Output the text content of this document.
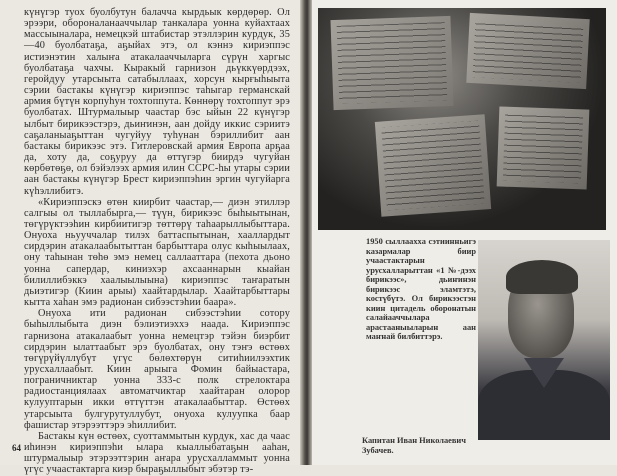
күнүгэр туох буолбутун балачча кырдьык көрдөрөр. Ол эрээри, обороналанааччылар танкалара уонна куйахтаах массыыналара, немецкэй штабистар этэллэрин курдук, 35—40 буолбатаҕа, аҕыйах этэ, ол кэннэ кириэппэс истиэнэтин халыҥа атакалааччыларга сүрүн харгыс буолбатаҕа чахчы. Кыракый гарнизон дьүккүөрдээх, геройдуу утарсыыта сатабыллаах, хорсун кырғыһыыта сэрии бастакы күнүгэр кириэппэс таһыгар германскай армия бүтүн корпуһун тохтоппута. Көннөрү тохтоппут эрэ буолбатах. Штурмалыыр чаастар бэс ыйын 22 күнүгэр ылбыт бирикээстэрэ, дьиҥинэн, аан дойду иккис сэриитэ саҕаланыаҕыттан чугуйуу туһунан бэриллибит аан бастакы бирикээс этэ. Гитлеровскай армия Европа арҕаа да, хоту да, соҕуруу да өттүгэр биирдэ чугуйан көрбөтөҕө, ол бэйэлээх армия илин ССРС-һы утары сэрии аан бастакы күнүгэр Брест кириэппэһин эргин чугуйарга күһэллибитэ.

«Кириэппэскэ өтөн киирбит чаастар,— диэн этиллэр салгыы ол тыллабырга,— түүн, бирикээс быһыытынан, төгүрүктээһин кирбиитигэр төттөрү таһаарыллыбыттара. Онуоха ньууччалар тилэх баттаспытынан, хааллардыт сирдэрин атакалаабытыттан барбыттара олус кыһыылаах, ону таһынан төһө эмэ немец саллааттара (пехота дьоно уонна сапердар, киниэхэр ахсааннарын кыайан билиллибэккэ хаалыылыына) кириэппэс таҥаратын дьиэтигэр (Киин арыы) хаайтардылар. Хаайтарбыттары кытта хаһан эмэ радионан сибээстэһии баара».

Онуоха ити радионан сибээстэһии сотору быһыллыбыта диэн бэлиэтиэххэ наада. Кириэппэс гарнизона атакалаабыт уонна немецтэр тэйэн биэрбит сирдэрин ылаттаабыт эрэ буолбатах, ону тэҥэ өстөөх төгүрүйүллүбүт үгүс бөлөхтөрүн ситиһиилээхтик урусхаллаабыт. Киин арыыга Фомин байыастара, пограничниктар уонна 333-с полк стрелоктара радиостанциялаах автоматчиктар хаайтаран олорор кулууптарын икки өттүттэн атакалаабыттар. Өстөөх утарсыыта булгурутуллубут, онуоха кулуупка баар фашистар этэрээттэрэ эһиллибит.

Бастакы күн өстөөх, суоттаммытын курдук, хас да чаас иһинэн кириэппэһи ылара кыаллыбатаҕын ааһан, штурмалыыр этэрээттэрин аҥара урусхалламмыт уонна үгүс учаастактарга киэр быраҕыллыбыт эбэтэр тэ-

64
1950 сыллааххa сэтиинньигэ казармалар биир учаастактарын урусхалларыттан «1 №-дээх бирикээс», дьиҥинэн бирикээс эламтэтэ, костүбүтэ. Ол бирикээстэн киин цитадель оборонатын салайааччылара арастааныыларын аан маҥнай билбиттэрэ.
Капитан Иван Николаевич Зубачев.
